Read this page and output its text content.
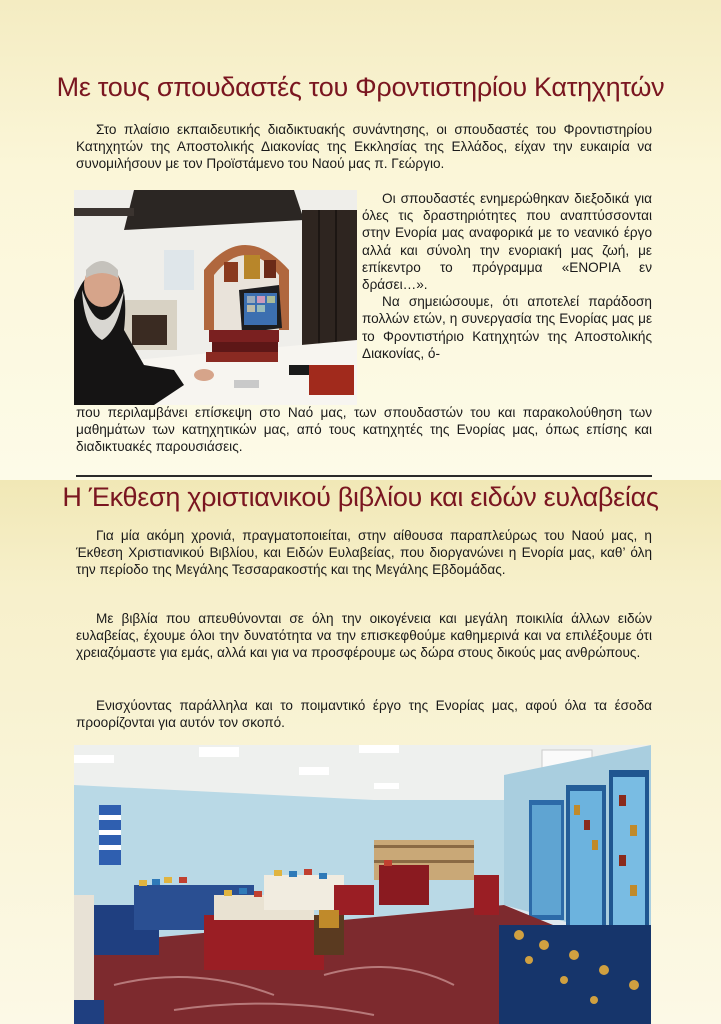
Με τους σπουδαστές του Φροντιστηρίου Κατηχητών

Στο πλαίσιο εκπαιδευτικής διαδικτυακής συνάντησης, οι σπουδαστές του Φροντιστηρίου Κατηχητών της Αποστολικής Διακονίας της Εκκλησίας της Ελλάδος, είχαν την ευκαιρία να συνομιλήσουν με τον Προϊστάμενο του Ναού μας π. Γεώργιο.

Οι σπουδαστές ενημερώθηκαν διεξοδικά για όλες τις δραστηριότητες που αναπτύσσονται στην Ενορία μας αναφορικά με το νεανικό έργο αλλά και σύνολη την ενοριακή μας ζωή, με επίκεντρο το πρόγραμμα «ΕΝΟΡΙΑ εν δράσει…».
Να σημειώσουμε, ότι αποτελεί παράδοση πολλών ετών, η συνεργασία της Ενορίας μας με το Φροντιστήριο Κατηχητών της Αποστολικής Διακονίας, ό-

που περιλαμβάνει επίσκεψη στο Ναό μας, των σπουδαστών του και παρακολούθηση των μαθημάτων των κατηχητικών μας, από τους κατηχητές της Ενορίας μας, όπως επίσης και διαδικτυακές παρουσιάσεις.

Η Έκθεση χριστιανικού βιβλίου και ειδών ευλαβείας

Για μία ακόμη χρονιά, πραγματοποιείται, στην αίθουσα παραπλεύρως του Ναού μας, η Έκθεση Χριστιανικού Βιβλίου, και Ειδών Ευλαβείας, που διοργανώνει η Ενορία μας, καθ’ όλη την περίοδο της Μεγάλης Τεσσαρακοστής και της Μεγάλης Εβδομάδας.

Με βιβλία που απευθύνονται σε όλη την οικογένεια και μεγάλη ποικιλία άλλων ειδών ευλαβείας, έχουμε όλοι την δυνατότητα να την επισκεφθούμε καθημερινά και να επιλέξουμε ότι χρειαζόμαστε για εμάς, αλλά και για να προσφέρουμε ως δώρα στους δικούς μας ανθρώπους.

Ενισχύοντας παράλληλα και το ποιμαντικό έργο της Ενορίας μας, αφού όλα τα έσοδα προορίζονται για αυτόν τον σκοπό.
